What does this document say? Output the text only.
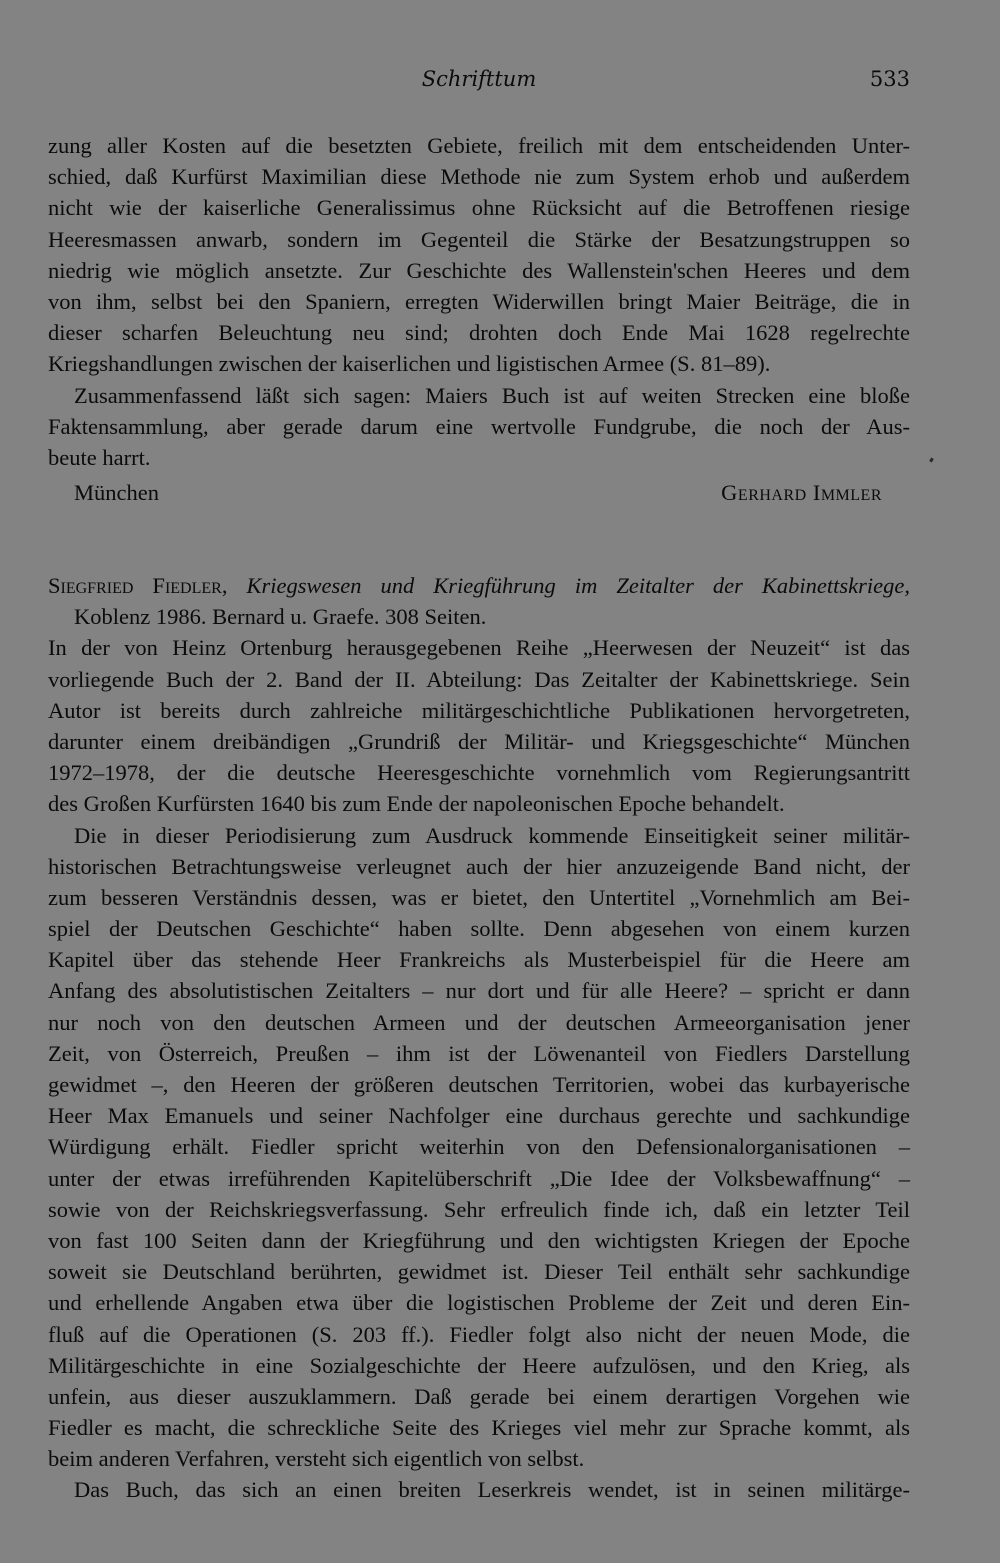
Schrifttum	533
zung aller Kosten auf die besetzten Gebiete, freilich mit dem entscheidenden Unter-
schied, daß Kurfürst Maximilian diese Methode nie zum System erhob und außerdem
nicht wie der kaiserliche Generalissimus ohne Rücksicht auf die Betroffenen riesige
Heeresmassen anwarb, sondern im Gegenteil die Stärke der Besatzungstruppen so
niedrig wie möglich ansetzte. Zur Geschichte des Wallenstein'schen Heeres und dem
von ihm, selbst bei den Spaniern, erregten Widerwillen bringt Maier Beiträge, die in
dieser scharfen Beleuchtung neu sind; drohten doch Ende Mai 1628 regelrechte
Kriegshandlungen zwischen der kaiserlichen und ligistischen Armee (S. 81–89).
Zusammenfassend läßt sich sagen: Maiers Buch ist auf weiten Strecken eine bloße
Faktensammlung, aber gerade darum eine wertvolle Fundgrube, die noch der Aus-
beute harrt.
München	Gerhard Immler
Siegfried Fiedler, Kriegswesen und Kriegführung im Zeitalter der Kabinettskriege,
Koblenz 1986. Bernard u. Graefe. 308 Seiten.
In der von Heinz Ortenburg herausgegebenen Reihe „Heerwesen der Neuzeit“ ist das
vorliegende Buch der 2. Band der II. Abteilung: Das Zeitalter der Kabinettskriege. Sein
Autor ist bereits durch zahlreiche militärgeschichtliche Publikationen hervorgetreten,
darunter einem dreibändigen „Grundriß der Militär- und Kriegsgeschichte“ München
1972–1978, der die deutsche Heeresgeschichte vornehmlich vom Regierungsantritt
des Großen Kurfürsten 1640 bis zum Ende der napoleonischen Epoche behandelt.
Die in dieser Periodisierung zum Ausdruck kommende Einseitigkeit seiner militär-
historischen Betrachtungsweise verleugnet auch der hier anzuzeigende Band nicht, der
zum besseren Verständnis dessen, was er bietet, den Untertitel „Vornehmlich am Bei-
spiel der Deutschen Geschichte“ haben sollte. Denn abgesehen von einem kurzen
Kapitel über das stehende Heer Frankreichs als Musterbeispiel für die Heere am
Anfang des absolutistischen Zeitalters – nur dort und für alle Heere? – spricht er dann
nur noch von den deutschen Armeen und der deutschen Armeeorganisation jener
Zeit, von Österreich, Preußen – ihm ist der Löwenanteil von Fiedlers Darstellung
gewidmet –, den Heeren der größeren deutschen Territorien, wobei das kurbayerische
Heer Max Emanuels und seiner Nachfolger eine durchaus gerechte und sachkundige
Würdigung erhält. Fiedler spricht weiterhin von den Defensionalorganisationen –
unter der etwas irreführenden Kapitelüberschrift „Die Idee der Volksbewaffnung“ –
sowie von der Reichskriegsverfassung. Sehr erfreulich finde ich, daß ein letzter Teil
von fast 100 Seiten dann der Kriegführung und den wichtigsten Kriegen der Epoche
soweit sie Deutschland berührten, gewidmet ist. Dieser Teil enthält sehr sachkundige
und erhellende Angaben etwa über die logistischen Probleme der Zeit und deren Ein-
fluß auf die Operationen (S. 203 ff.). Fiedler folgt also nicht der neuen Mode, die
Militärgeschichte in eine Sozialgeschichte der Heere aufzulösen, und den Krieg, als
unfein, aus dieser auszuklammern. Daß gerade bei einem derartigen Vorgehen wie
Fiedler es macht, die schreckliche Seite des Krieges viel mehr zur Sprache kommt, als
beim anderen Verfahren, versteht sich eigentlich von selbst.
Das Buch, das sich an einen breiten Leserkreis wendet, ist in seinen militärge-
